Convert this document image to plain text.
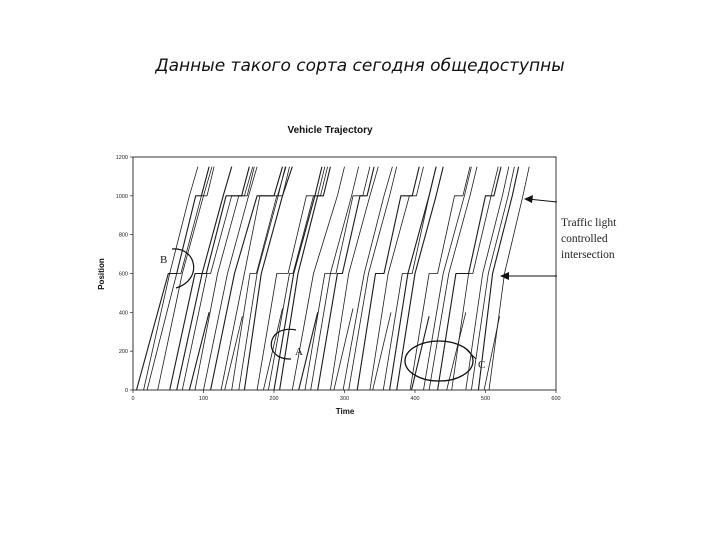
Данные такого сорта сегодня общедоступны
Vehicle Trajectory
0	100	200	300	400	500	600
0
200
400
600
800
1000
1200
Time
Position
Traffic light
controlled
intersection
B
A
C
